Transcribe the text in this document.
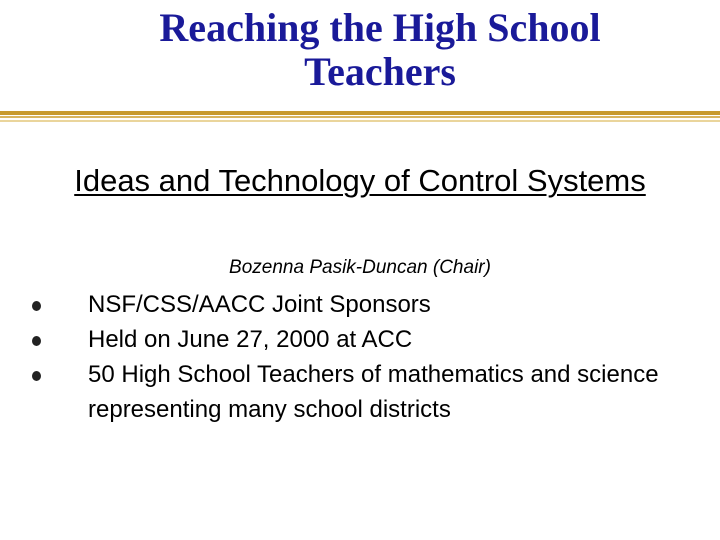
Reaching the High School Teachers
Ideas and Technology of Control Systems
Bozenna Pasik-Duncan (Chair)
NSF/CSS/AACC Joint Sponsors
Held on June 27, 2000 at ACC
50 High School Teachers of mathematics and science representing many school districts
